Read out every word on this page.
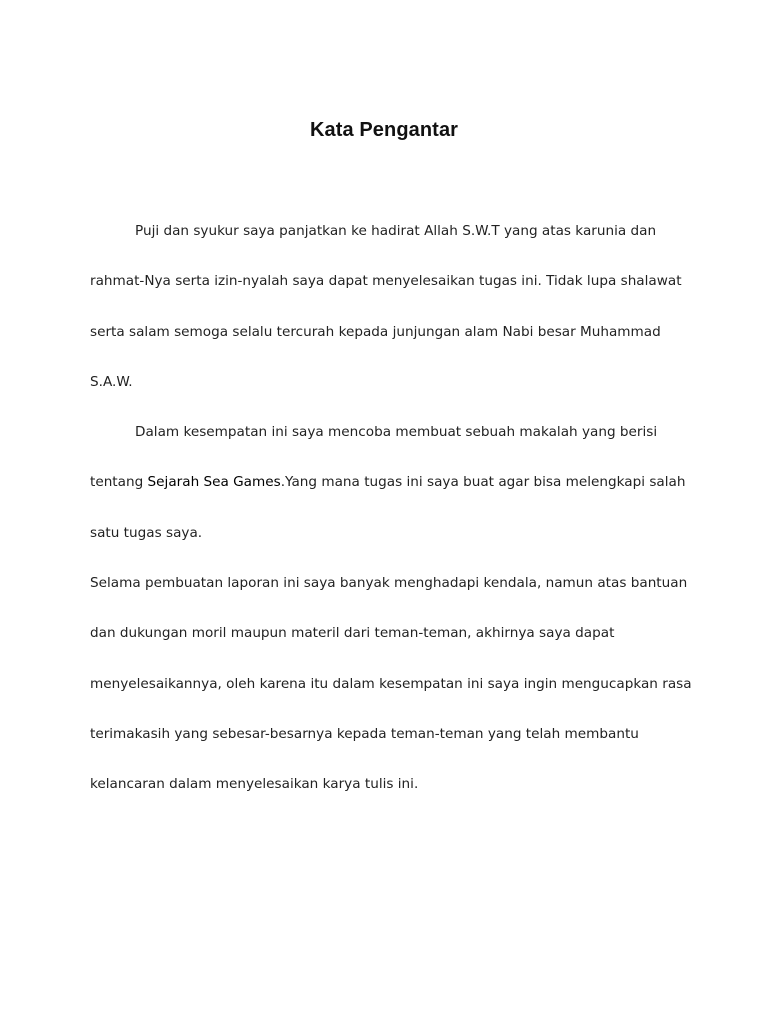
Kata Pengantar
Puji dan syukur saya panjatkan ke hadirat Allah S.W.T yang atas karunia dan
rahmat-Nya serta izin-nyalah saya dapat menyelesaikan tugas ini. Tidak lupa shalawat
serta salam semoga selalu tercurah kepada junjungan alam Nabi besar Muhammad
S.A.W.
Dalam kesempatan ini saya mencoba membuat sebuah makalah yang berisi
tentang Sejarah Sea Games.Yang mana tugas ini saya buat agar bisa melengkapi salah
satu tugas saya.
Selama pembuatan laporan ini saya banyak menghadapi kendala, namun atas bantuan
dan dukungan moril maupun materil dari teman-teman, akhirnya saya dapat
menyelesaikannya, oleh karena itu dalam kesempatan ini saya ingin mengucapkan rasa
terimakasih yang sebesar-besarnya kepada teman-teman yang telah membantu
kelancaran dalam menyelesaikan karya tulis ini.
